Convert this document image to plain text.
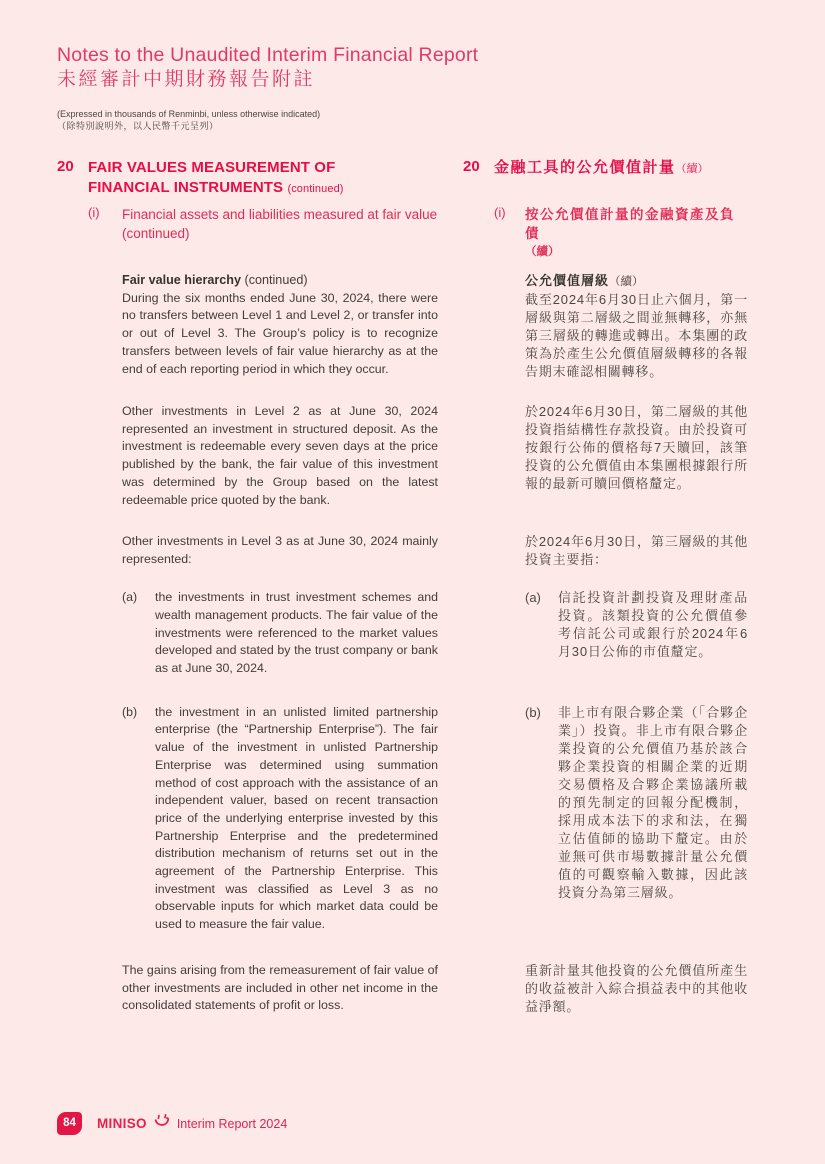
Notes to the Unaudited Interim Financial Report
未經審計中期財務報告附註

(Expressed in thousands of Renminbi, unless otherwise indicated)

（除特別說明外，以人民幣千元呈列）

20 FAIR VALUES MEASUREMENT OF
FINANCIAL INSTRUMENTS (continued)
20 金融工具的公允價值計量（續）
(i) Financial assets and liabilities measured at fair value (continued)

(i) 按公允價值計量的金融資產及負債
（續）

Fair value hierarchy (continued)

During the six months ended June 30, 2024, there were no transfers between Level 1 and Level 2, or transfer into or out of Level 3. The Group’s policy is to recognize transfers between levels of fair value hierarchy as at the end of each reporting period in which they occur.

公允價值層級（續）

截至2024年6月30日止六個月，第一層級與第二層級之間並無轉移，亦無第三層級的轉進或轉出。本集團的政策為於產生公允價值層級轉移的各報告期末確認相關轉移。

Other investments in Level 2 as at June 30, 2024 represented an investment in structured deposit. As the investment is redeemable every seven days at the price published by the bank, the fair value of this investment was determined by the Group based on the latest redeemable price quoted by the bank.

於2024年6月30日，第二層級的其他投資指結構性存款投資。由於投資可按銀行公佈的價格每7天贖回，該筆投資的公允價值由本集團根據銀行所報的最新可贖回價格釐定。

Other investments in Level 3 as at June 30, 2024 mainly represented:

於2024年6月30日，第三層級的其他投資主要指：

(a) the investments in trust investment schemes and wealth management products. The fair value of the investments were referenced to the market values developed and stated by the trust company or bank as at June 30, 2024.

(a) 信託投資計劃投資及理財產品投資。該類投資的公允價值參考信託公司或銀行於2024年6月30日公佈的市值釐定。

(b) the investment in an unlisted limited partnership enterprise (the “Partnership Enterprise”). The fair value of the investment in unlisted Partnership Enterprise was determined using summation method of cost approach with the assistance of an independent valuer, based on recent transaction price of the underlying enterprise invested by this Partnership Enterprise and the predetermined distribution mechanism of returns set out in the agreement of the Partnership Enterprise. This investment was classified as Level 3 as no observable inputs for which market data could be used to measure the fair value.

(b) 非上市有限合夥企業（「合夥企業」）投資。非上市有限合夥企業投資的公允價值乃基於該合夥企業投資的相關企業的近期交易價格及合夥企業協議所載的預先制定的回報分配機制，採用成本法下的求和法，在獨立估值師的協助下釐定。由於並無可供市場數據計量公允價值的可觀察輸入數據，因此該投資分為第三層級。

The gains arising from the remeasurement of fair value of other investments are included in other net income in the consolidated statements of profit or loss.

重新計量其他投資的公允價值所產生的收益被計入綜合損益表中的其他收益淨額。

84	MINISO Interim Report 2024
